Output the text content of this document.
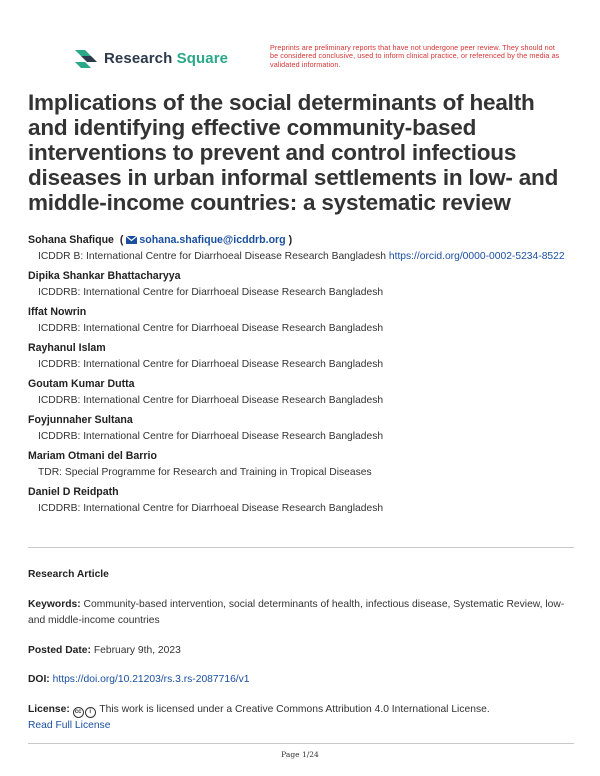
Research Square
Preprints are preliminary reports that have not undergone peer review. They should not be considered conclusive, used to inform clinical practice, or referenced by the media as validated information.
Implications of the social determinants of health and identifying effective community-based interventions to prevent and control infectious diseases in urban informal settlements in low- and middle-income countries: a systematic review
Sohana Shafique  ( sohana.shafique@icddrb.org )
ICDDR B: International Centre for Diarrhoeal Disease Research Bangladesh https://orcid.org/0000-0002-5234-8522
Dipika Shankar Bhattacharyya
ICDDRB: International Centre for Diarrhoeal Disease Research Bangladesh
Iffat Nowrin
ICDDRB: International Centre for Diarrhoeal Disease Research Bangladesh
Rayhanul Islam
ICDDRB: International Centre for Diarrhoeal Disease Research Bangladesh
Goutam Kumar Dutta
ICDDRB: International Centre for Diarrhoeal Disease Research Bangladesh
Foyjunnaher Sultana
ICDDRB: International Centre for Diarrhoeal Disease Research Bangladesh
Mariam Otmani del Barrio
TDR: Special Programme for Research and Training in Tropical Diseases
Daniel D Reidpath
ICDDRB: International Centre for Diarrhoeal Disease Research Bangladesh

Research Article

Keywords: Community-based intervention, social determinants of health, infectious disease, Systematic Review, low- and middle-income countries

Posted Date: February 9th, 2023

DOI: https://doi.org/10.21203/rs.3.rs-2087716/v1

License: cc i This work is licensed under a Creative Commons Attribution 4.0 International License.
Read Full License

Page 1/24
